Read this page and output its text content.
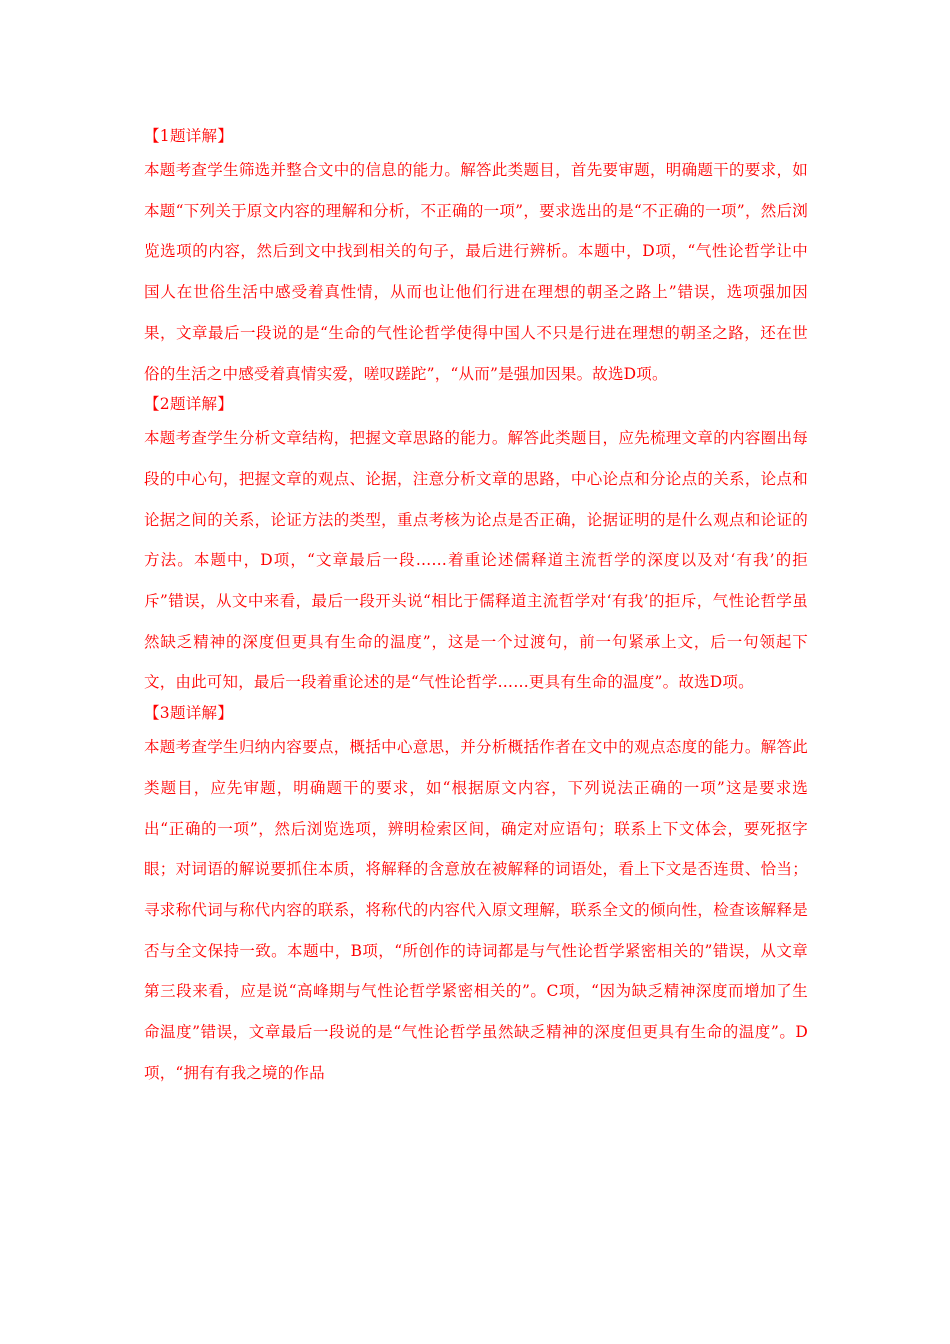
【1题详解】

本题考查学生筛选并整合文中的信息的能力。解答此类题目，首先要审题，明确题干的要求，如本题“下列关于原文内容的理解和分析，不正确的一项”，要求选出的是“不正确的一项”，然后浏览选项的内容，然后到文中找到相关的句子，最后进行辨析。本题中，D项，“气性论哲学让中国人在世俗生活中感受着真性情，从而也让他们行进在理想的朝圣之路上”错误，选项强加因果，文章最后一段说的是“生命的气性论哲学使得中国人不只是行进在理想的朝圣之路，还在世俗的生活之中感受着真情实爱，嗟叹蹉跎”，“从而”是强加因果。故选D项。

【2题详解】

本题考查学生分析文章结构，把握文章思路的能力。解答此类题目，应先梳理文章的内容圈出每段的中心句，把握文章的观点、论据，注意分析文章的思路，中心论点和分论点的关系，论点和论据之间的关系，论证方法的类型，重点考核为论点是否正确，论据证明的是什么观点和论证的方法。本题中，D项，“文章最后一段……着重论述儒释道主流哲学的深度以及对‘有我’的拒斥”错误，从文中来看，最后一段开头说“相比于儒释道主流哲学对‘有我’的拒斥，气性论哲学虽然缺乏精神的深度但更具有生命的温度”，这是一个过渡句，前一句紧承上文，后一句领起下文，由此可知，最后一段着重论述的是“气性论哲学……更具有生命的温度”。故选D项。

【3题详解】

本题考查学生归纳内容要点，概括中心意思，并分析概括作者在文中的观点态度的能力。解答此类题目，应先审题，明确题干的要求，如“根据原文内容，下列说法正确的一项”这是要求选出“正确的一项”，然后浏览选项，辨明检索区间，确定对应语句；联系上下文体会，要死抠字眼；对词语的解说要抓住本质，将解释的含意放在被解释的词语处，看上下文是否连贯、恰当；寻求称代词与称代内容的联系，将称代的内容代入原文理解，联系全文的倾向性，检查该解释是否与全文保持一致。本题中，B项，“所创作的诗词都是与气性论哲学紧密相关的”错误，从文章第三段来看，应是说“高峰期与气性论哲学紧密相关的”。C项，“因为缺乏精神深度而增加了生命温度”错误，文章最后一段说的是“气性论哲学虽然缺乏精神的深度但更具有生命的温度”。D项，“拥有有我之境的作品
